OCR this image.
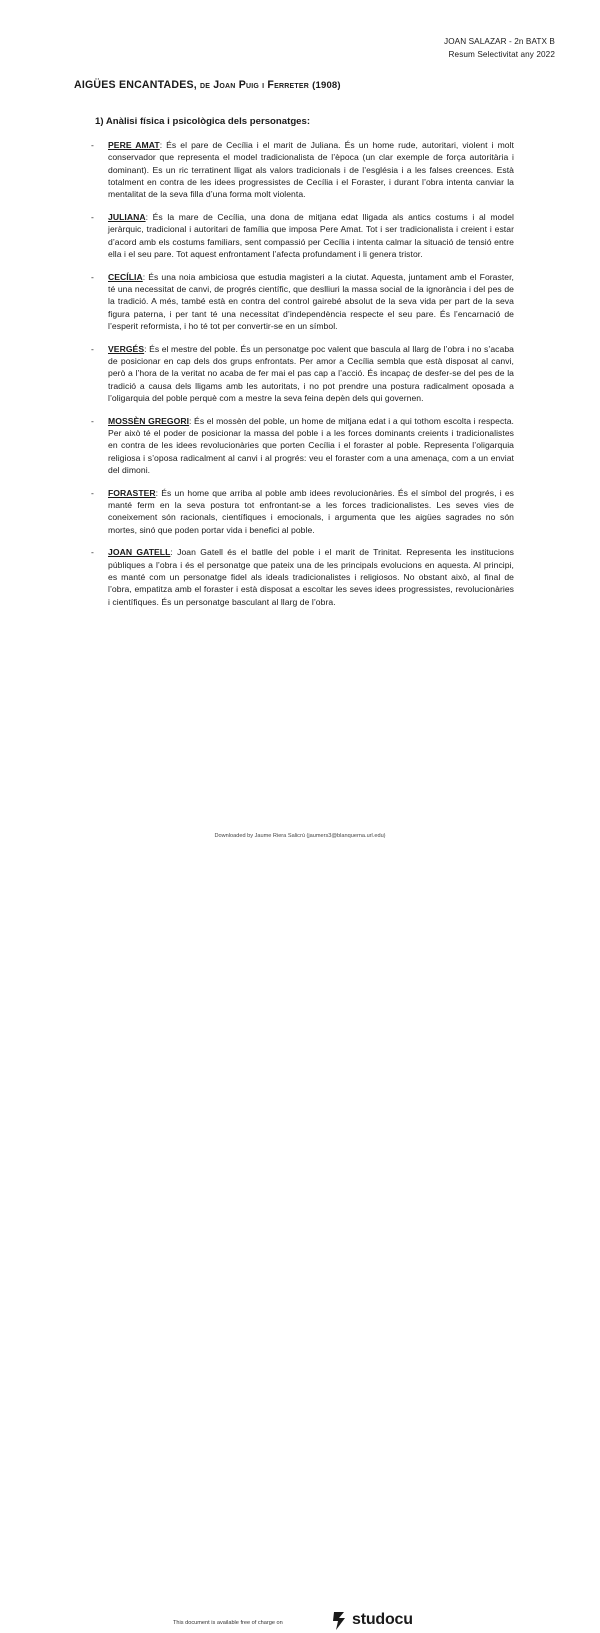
JOAN SALAZAR - 2n BATX B
Resum Selectivitat any 2022
AIGÜES ENCANTADES, de Joan Puig i Ferreter (1908)
1) Anàlisi física i psicològica dels personatges:
- PERE AMAT: És el pare de Cecília i el marit de Juliana. És un home rude, autoritari, violent i molt conservador que representa el model tradicionalista de l’època (un clar exemple de força autoritària i dominant). Es un ric terratinent lligat als valors tradicionals i de l’església i a les falses creences. Està totalment en contra de les idees progressistes de Cecília i el Foraster, i durant l’obra intenta canviar la mentalitat de la seva filla d’una forma molt violenta.
- JULIANA: És la mare de Cecília, una dona de mitjana edat lligada als antics costums i al model jeràrquic, tradicional i autoritari de família que imposa Pere Amat. Tot i ser tradicionalista i creient i estar d’acord amb els costums familiars, sent compassió per Cecília i intenta calmar la situació de tensió entre ella i el seu pare. Tot aquest enfrontament l’afecta profundament i li genera tristor.
- CECÍLIA: És una noia ambiciosa que estudia magisteri a la ciutat. Aquesta, juntament amb el Foraster, té una necessitat de canvi, de progrés científic, que deslliuri la massa social de la ignorància i del pes de la tradició. A més, també està en contra del control gairebé absolut de la seva vida per part de la seva figura paterna, i per tant té una necessitat d’independència respecte el seu pare. És l’encarnació de l’esperit reformista, i ho té tot per convertir-se en un símbol.
- VERGÉS: És el mestre del poble. És un personatge poc valent que bascula al llarg de l’obra i no s’acaba de posicionar en cap dels dos grups enfrontats. Per amor a Cecília sembla que està disposat al canvi, però a l’hora de la veritat no acaba de fer mai el pas cap a l’acció. És incapaç de desfer-se del pes de la tradició a causa dels lligams amb les autoritats, i no pot prendre una postura radicalment oposada a l’oligarquia del poble perquè com a mestre la seva feina depèn dels qui governen.
- MOSSÈN GREGORI: És el mossèn del poble, un home de mitjana edat i a qui tothom escolta i respecta. Per això té el poder de posicionar la massa del poble i a les forces dominants creients i tradicionalistes en contra de les idees revolucionàries que porten Cecília i el foraster al poble. Representa l’oligarquia religiosa i s’oposa radicalment al canvi i al progrés: veu el foraster com a una amenaça, com a un enviat del dimoni.
- FORASTER: És un home que arriba al poble amb idees revolucionàries. És el símbol del progrés, i es manté ferm en la seva postura tot enfrontant-se a les forces tradicionalistes. Les seves vies de coneixement són racionals, científiques i emocionals, i argumenta que les aigües sagrades no són mortes, sinó que poden portar vida i benefici al poble.
- JOAN GATELL: Joan Gatell és el batlle del poble i el marit de Trinitat. Representa les institucions públiques a l’obra i és el personatge que pateix una de les principals evolucions en aquesta. Al principi, es manté com un personatge fidel als ideals tradicionalistes i religiosos. No obstant això, al final de l’obra, empatitza amb el foraster i està disposat a escoltar les seves idees progressistes, revolucionàries i científiques. És un personatge basculant al llarg de l’obra.
This document is available free of charge on	studocu
Downloaded by Jaume Riera Salicrú (jaumers3@blanquerna.url.edu)
